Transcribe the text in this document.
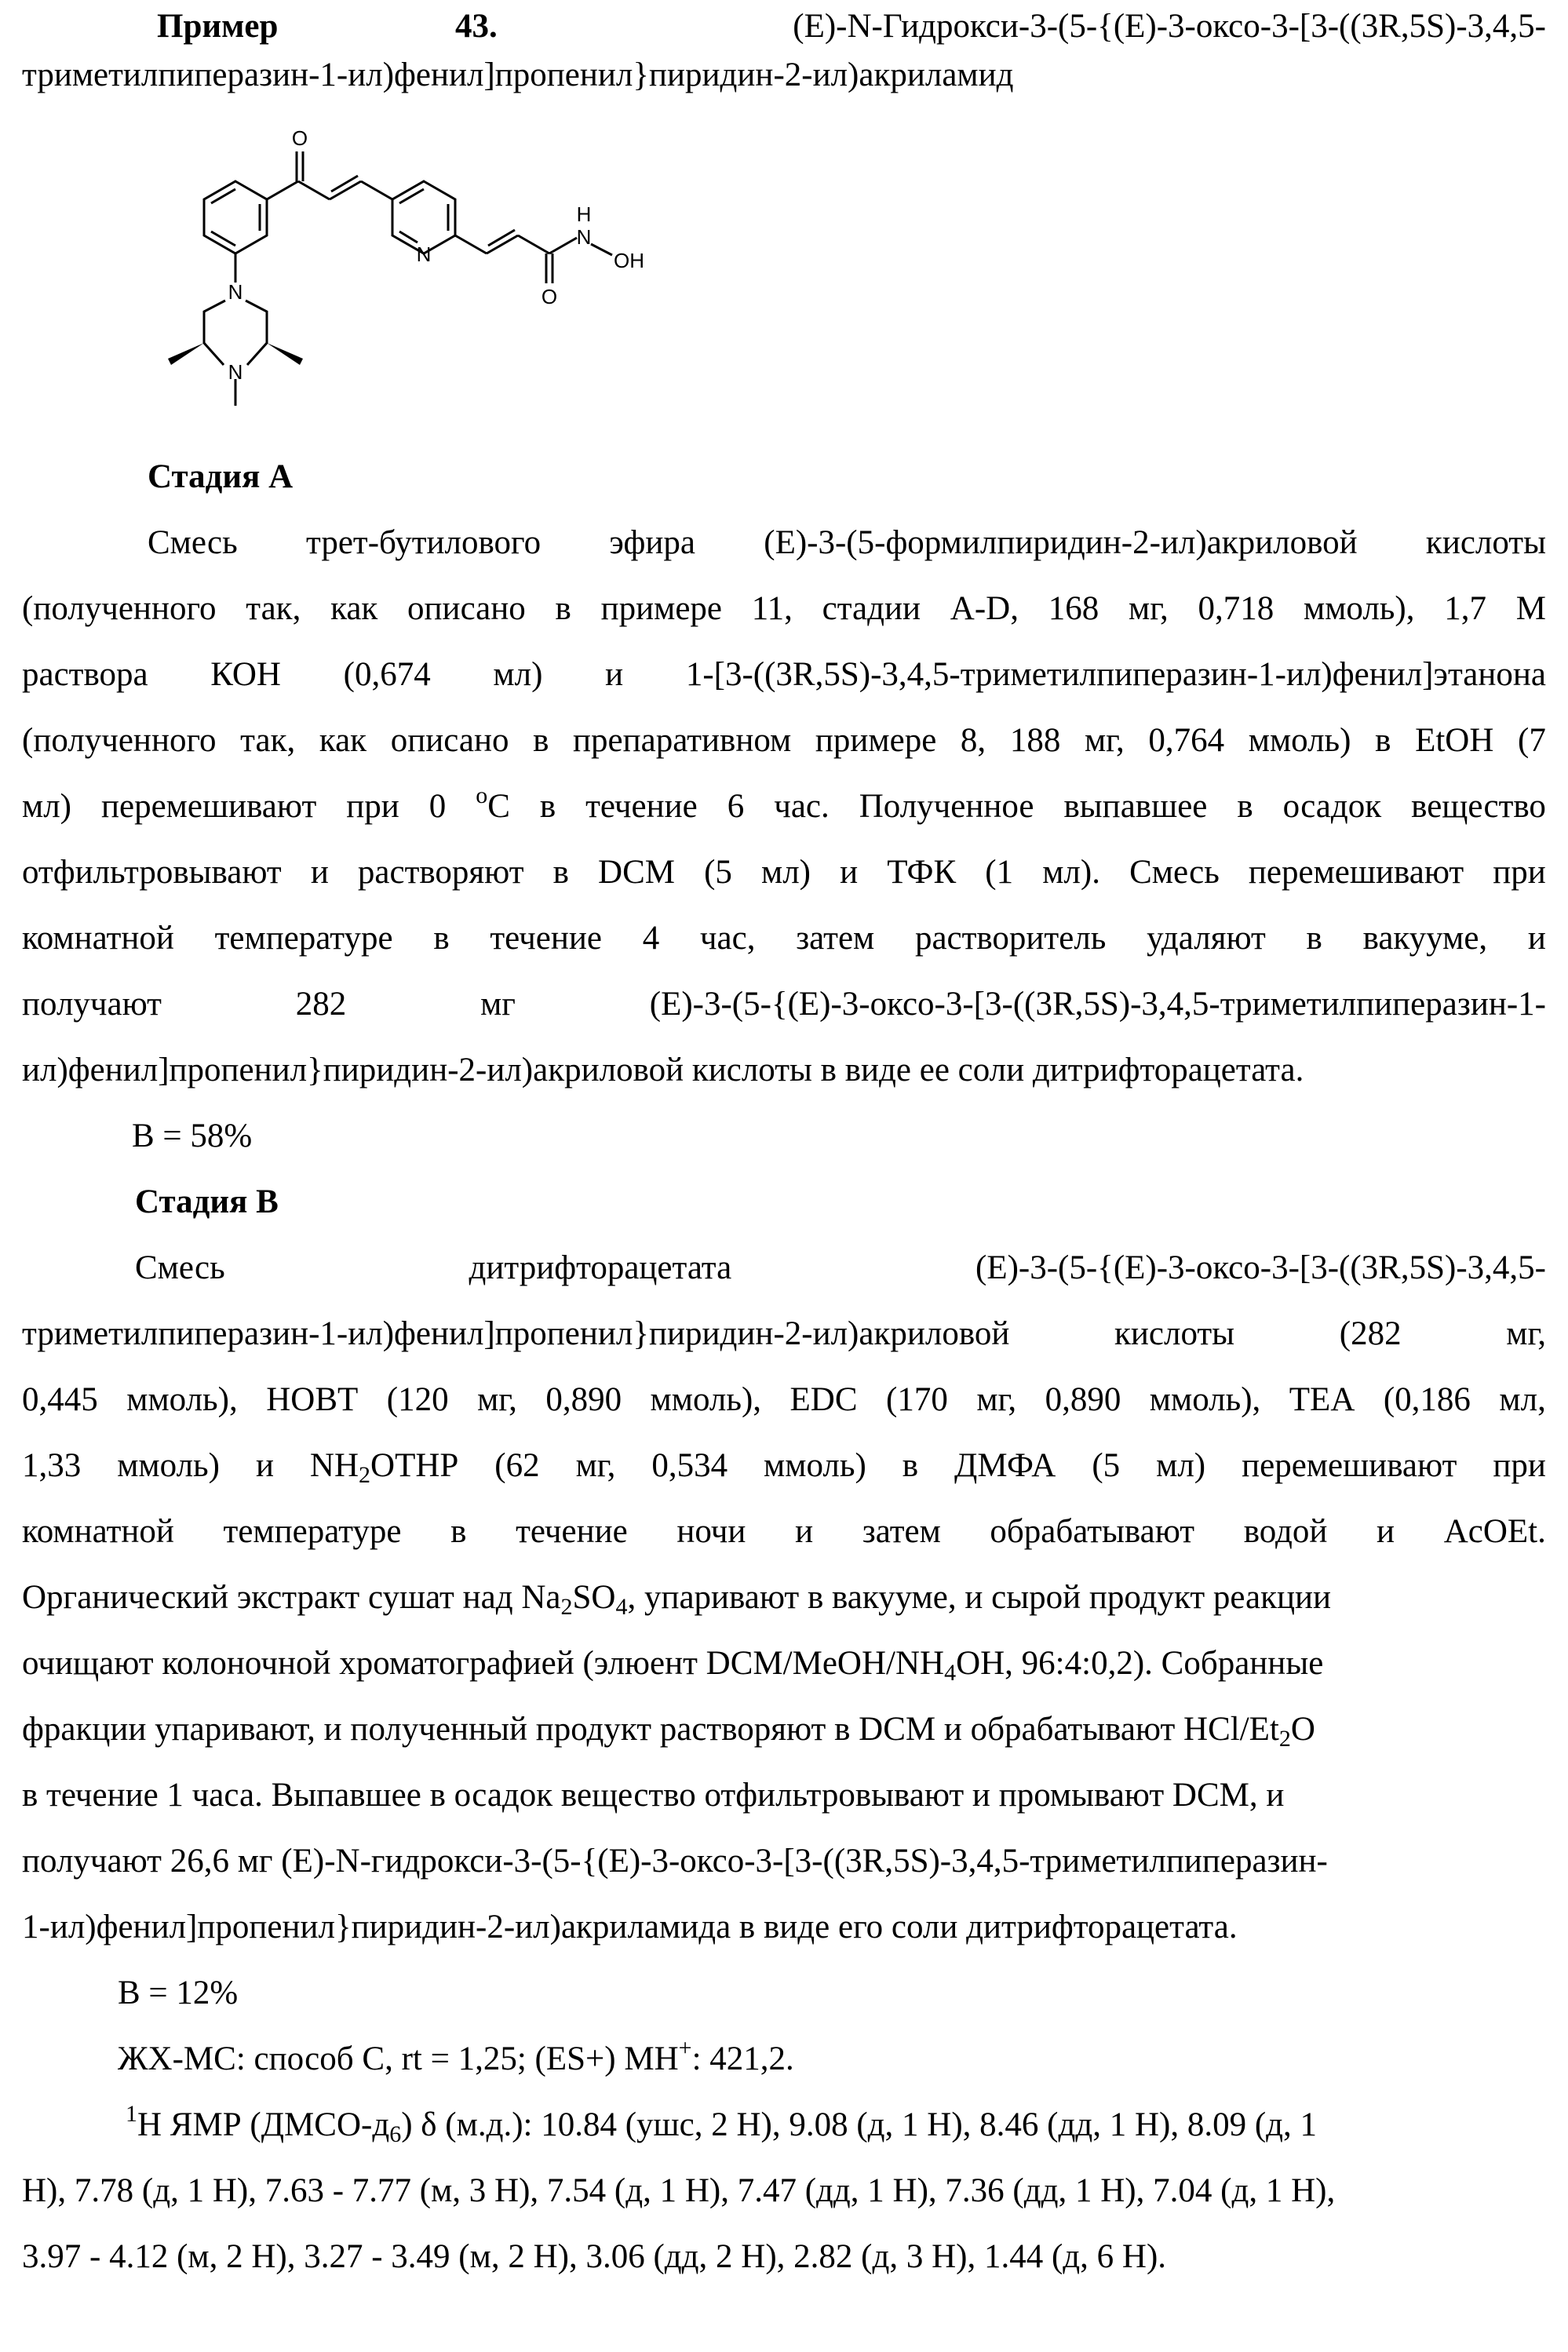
Пример	43.	(E)-N-Гидрокси-3-(5-{(E)-3-оксо-3-[3-((3R,5S)-3,4,5-
триметилпиперазин-1-ил)фенил]пропенил}пиридин-2-ил)акриламид
O
N
H
N
OH
O
N
N
Стадия А
Смесь трет-бутилового эфира (E)-3-(5-формилпиридин-2-ил)акриловой кислоты
(полученного так, как описано в примере 11, стадии A-D, 168 мг, 0,718 ммоль), 1,7 М
раствора КОН (0,674 мл) и 1-[3-((3R,5S)-3,4,5-триметилпиперазин-1-ил)фенил]этанона
(полученного так, как описано в препаративном примере 8, 188 мг, 0,764 ммоль) в EtOH (7
мл) перемешивают при 0 oC в течение 6 час. Полученное выпавшее в осадок вещество
отфильтровывают и растворяют в DCM (5 мл) и ТФК (1 мл). Смесь перемешивают при
комнатной температуре в течение 4 час, затем растворитель удаляют в вакууме, и
получают	282	мг	(E)-3-(5-{(E)-3-оксо-3-[3-((3R,5S)-3,4,5-триметилпиперазин-1-
ил)фенил]пропенил}пиридин-2-ил)акриловой кислоты в виде ее соли дитрифторацетата.
B = 58%
Стадия В
Смесь	дитрифторацетата	(E)-3-(5-{(E)-3-оксо-3-[3-((3R,5S)-3,4,5-
триметилпиперазин-1-ил)фенил]пропенил}пиридин-2-ил)акриловой	кислоты	(282	мг,
0,445 ммоль), HOBT (120 мг, 0,890 ммоль), EDC (170 мг, 0,890 ммоль), TEA (0,186 мл,
1,33 ммоль) и NH2OTHP (62 мг, 0,534 ммоль) в ДМФА (5 мл) перемешивают при
комнатной температуре в течение ночи и затем обрабатывают водой и AcOEt.
Органический экстракт сушат над Na2SO4, упаривают в вакууме, и сырой продукт реакции
очищают колоночной хроматографией (элюент DCM/MeOH/NH4OH, 96:4:0,2). Собранные
фракции упаривают, и полученный продукт растворяют в DCM и обрабатывают HCl/Et2O
в течение 1 часа. Выпавшее в осадок вещество отфильтровывают и промывают DCM, и
получают 26,6 мг (E)-N-гидрокси-3-(5-{(E)-3-оксо-3-[3-((3R,5S)-3,4,5-триметилпиперазин-
1-ил)фенил]пропенил}пиридин-2-ил)акриламида в виде его соли дитрифторацетата.
B = 12%
ЖХ-МС: способ C, rt = 1,25; (ES+) MH+: 421,2.
1H ЯМР (ДМСО-д6) δ (м.д.): 10.84 (ушс, 2 H), 9.08 (д, 1 H), 8.46 (дд, 1 H), 8.09 (д, 1
H), 7.78 (д, 1 H), 7.63 - 7.77 (м, 3 H), 7.54 (д, 1 H), 7.47 (дд, 1 H), 7.36 (дд, 1 H), 7.04 (д, 1 H),
3.97 - 4.12 (м, 2 H), 3.27 - 3.49 (м, 2 H), 3.06 (дд, 2 H), 2.82 (д, 3 H), 1.44 (д, 6 H).
